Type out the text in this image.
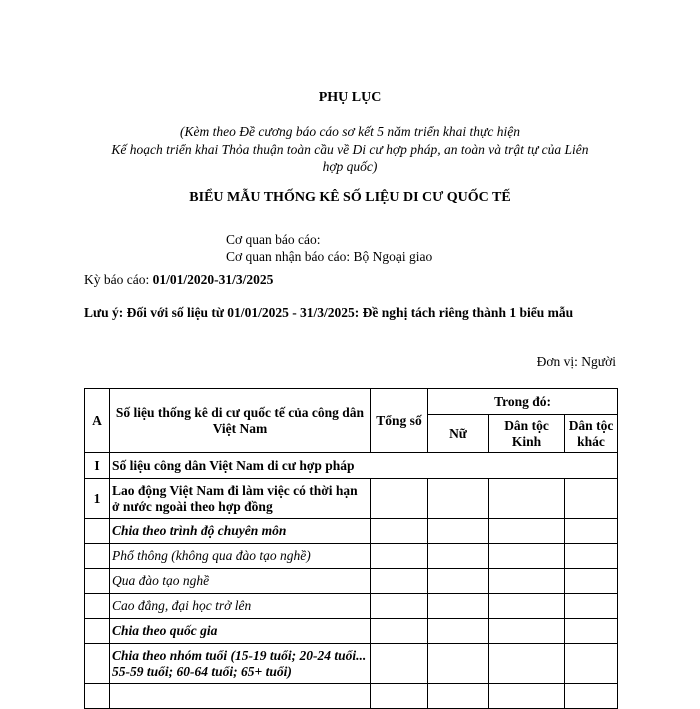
PHỤ LỤC
(Kèm theo Đề cương báo cáo sơ kết 5 năm triển khai thực hiện
Kế hoạch triển khai Thỏa thuận toàn cầu về Di cư hợp pháp, an toàn và trật tự của Liên
hợp quốc)
BIỂU MẪU THỐNG KÊ SỐ LIỆU DI CƯ QUỐC TẾ
Cơ quan báo cáo:
Cơ quan nhận báo cáo: Bộ Ngoại giao
Kỳ báo cáo: 01/01/2020-31/3/2025
Lưu ý: Đối với số liệu từ 01/01/2025 - 31/3/2025: Đề nghị tách riêng thành 1 biểu mẫu
Đơn vị: Người
A	Số liệu thống kê di cư quốc tế của công dân Việt Nam	Tổng số	Trong đó:		
			Nữ	Dân tộc Kinh	Dân tộc khác
I	Số liệu công dân Việt Nam di cư hợp pháp				
1	Lao động Việt Nam đi làm việc có thời hạn ở nước ngoài theo hợp đồng				
	Chia theo trình độ chuyên môn				
	Phổ thông (không qua đào tạo nghề)				
	Qua đào tạo nghề				
	Cao đẳng, đại học trở lên				
	Chia theo quốc gia				
	Chia theo nhóm tuổi (15-19 tuổi; 20-24 tuổi... 55-59 tuổi; 60-64 tuổi; 65+ tuổi)				
